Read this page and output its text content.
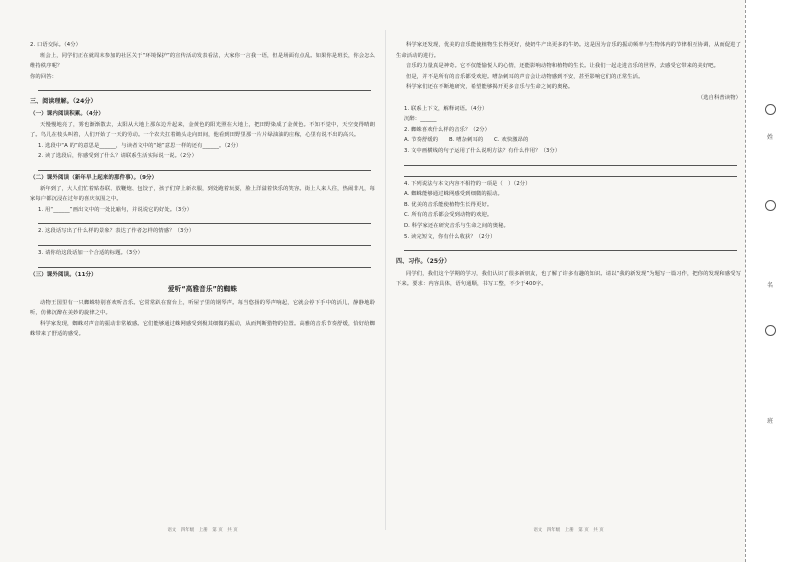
2. 口语交际。（4分）
班会上，同学们正在就周末参加的社区关于“环境保护”的宣传活动发表看法，大家你一言我一语，但是场面有点乱。如果你是班长，你会怎么维持秩序呢？
你的回答：
三、阅读理解。（24分）
（一）课内阅读积累。（4分）
天慢慢地亮了，雾也渐渐散去，太阳从大地上那东边升起来，金黄色的阳光照在大地上，把田野染成了金黄色。不知不觉中，天空变得晴朗了。鸟儿在枝头叫着，人们开始了一天的劳动。一个农夫扛着锄头走向田间，他看到田野里那一片片绿油油的庄稼，心里有说不出的高兴。
1. 选段中“A 的”的意思是______，与读者文中的“她”意思一样的还有______。（2分）
2. 读了选段后，你感受到了什么？请联系生活实际说一说。（2分）
（二）课外阅读（新年早上起来的那件事）。（9分）
新年到了，大人们忙着贴春联、放鞭炮、包饺子，孩子们穿上新衣服，到处跑着玩耍，脸上洋溢着快乐的笑容。街上人来人往，热闹非凡，每家每户都沉浸在过年的喜庆氛围之中。
1. 用“______”画出文中的一处比喻句，并说说它的好处。（3分）
2. 这段话写出了什么样的景象？表达了作者怎样的情感？（3分）
3. 请你给这段话加一个合适的标题。（3分）
（三）课外阅读。（11分）
爱听“高雅音乐”的蜘蛛
动物王国里有一只蜘蛛特别喜欢听音乐。它常常趴在窗台上，听屋子里的钢琴声。每当悠扬的琴声响起，它就会停下手中的活儿，静静地聆听，仿佛沉醉在美妙的旋律之中。
科学家发现，蜘蛛对声音的振动非常敏感。它们能够通过蛛网感受到极其细微的振动，从而判断猎物的位置。高雅的音乐节奏舒缓，恰好给蜘蛛带来了舒适的感受。
科学家还发现，优美的音乐能使植物生长得更好，使奶牛产出更多的牛奶。这是因为音乐的振动频率与生物体内的节律相互协调，从而促进了生命活动的进行。
音乐的力量真是神奇。它不仅能愉悦人的心情，还能影响动物和植物的生长。让我们一起走进音乐的世界，去感受它带来的美好吧。
但是，并不是所有的音乐都受欢迎。嘈杂刺耳的声音会让动物感到不安，甚至影响它们的正常生活。
科学家们还在不断地研究，希望能够揭开更多音乐与生命之间的奥秘。
（选自科普读物）
1. 联系上下文，解释词语。（4分）
沉醉：______
2. 蜘蛛喜欢什么样的音乐？（2分）
A. 节奏舒缓的　　B. 嘈杂刺耳的　　C. 欢快激昂的
3. 文中画横线的句子运用了什么说明方法？有什么作用？（3分）
4. 下列说法与本文内容不相符的一项是（　）（2分）
A. 蜘蛛能够通过蛛网感受到细微的振动。
B. 优美的音乐能使植物生长得更好。
C. 所有的音乐都会受到动物的欢迎。
D. 科学家还在研究音乐与生命之间的奥秘。
5. 读完短文，你有什么收获？（2分）
四、习作。（25分）
同学们，我们这个学期的学习，我们认识了很多新朋友，也了解了许多有趣的知识。请以“我的新发现”为题写一篇习作，把你的发现和感受写下来。要求：内容具体，语句通顺，书写工整，不少于400字。
语文　四年级　上册　第 页　共 页	语文　四年级　上册　第 页　共 页
姓
名
班
